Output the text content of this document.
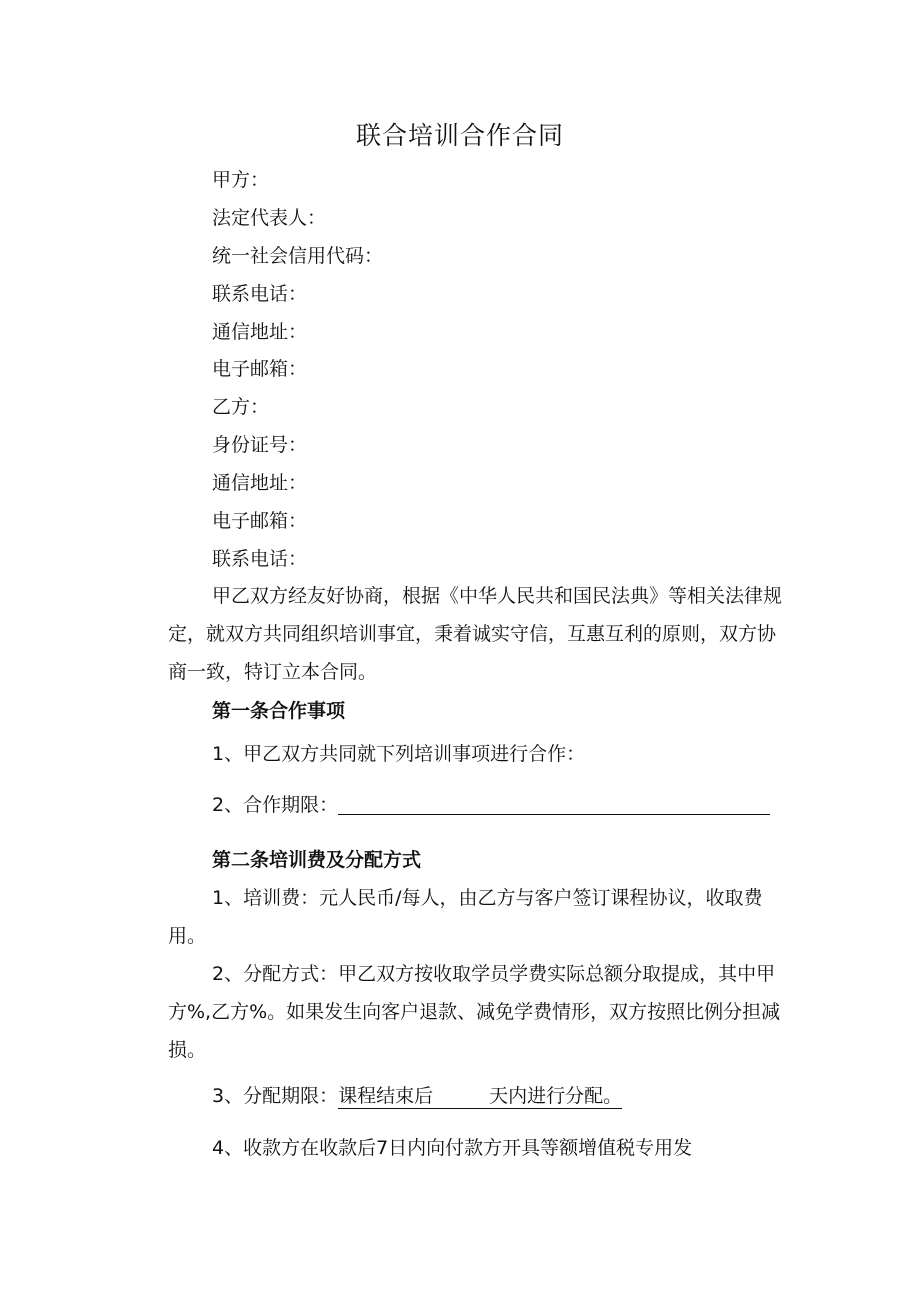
联合培训合作合同
甲方：
法定代表人：
统一社会信用代码：
联系电话：
通信地址：
电子邮箱：
乙方：
身份证号：
通信地址：
电子邮箱：
联系电话：
甲乙双方经友好协商，根据《中华人民共和国民法典》等相关法律规定，就双方共同组织培训事宜，秉着诚实守信，互惠互利的原则，双方协商一致，特订立本合同。
第一条合作事项
1、甲乙双方共同就下列培训事项进行合作：
2、合作期限：
第二条培训费及分配方式
1、培训费：元人民币/每人，由乙方与客户签订课程协议，收取费用。
2、分配方式：甲乙双方按收取学员学费实际总额分取提成，其中甲方%,乙方%。如果发生向客户退款、减免学费情形，双方按照比例分担减损。
3、分配期限：课程结束后	天内进行分配。
4、收款方在收款后7日内向付款方开具等额增值税专用发
